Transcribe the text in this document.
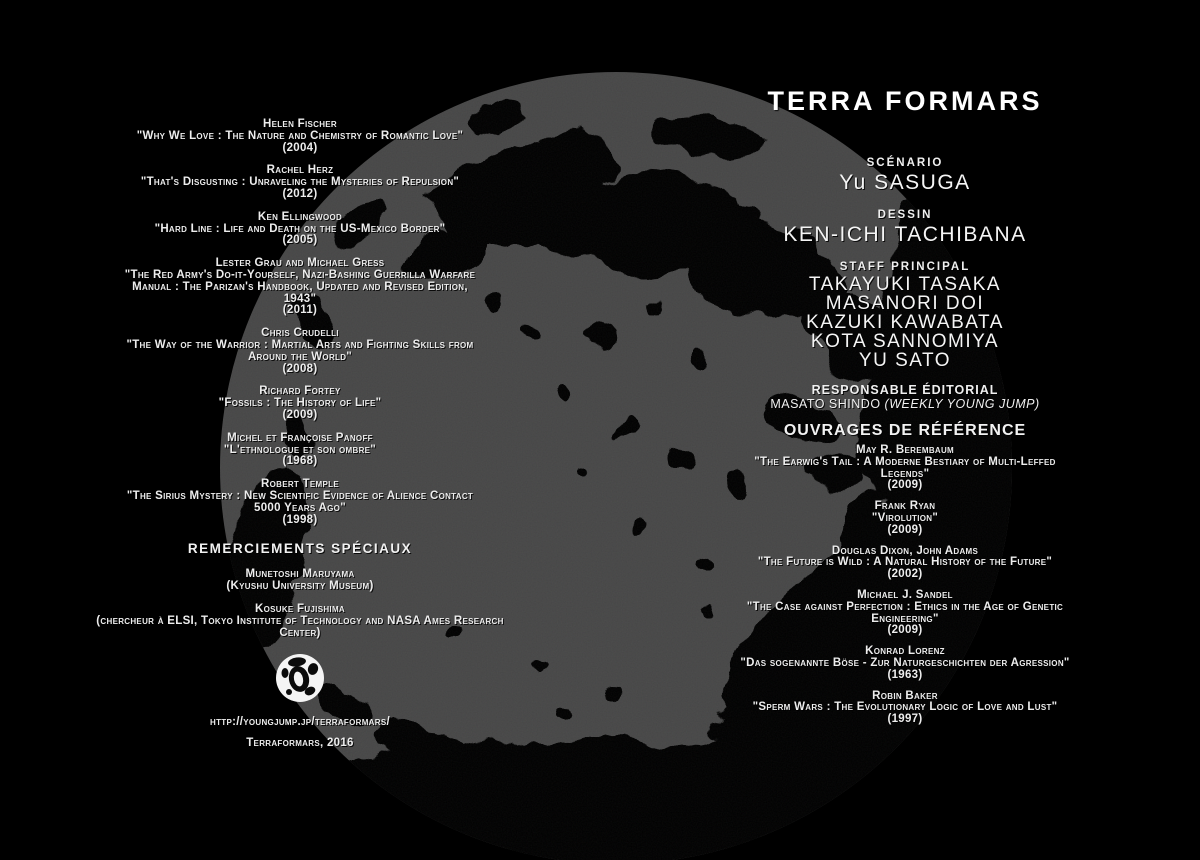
Helen Fischer
"Why We Love : The Nature and Chemistry of Romantic Love"
(2004)
Rachel Herz
"That's Disgusting : Unraveling the Mysteries of Repulsion"
(2012)
Ken Ellingwood
"Hard Line : Life and Death on the US-Mexico Border"
(2005)
Lester Grau and Michael Gress
"The Red Army's Do-it-Yourself, Nazi-Bashing Guerrilla Warfare Manual : The Parizan's Handbook, Updated and Revised Edition, 1943"
(2011)
Chris Crudelli
"The Way of the Warrior : Martial Arts and Fighting Skills from Around the World"
(2008)
Richard Fortey
"Fossils : The History of Life"
(2009)
Michel et Françoise Panoff
"L'ethnologue et son ombre"
(1968)
Robert Temple
"The Sirius Mystery : New Scientific Evidence of Alience Contact 5000 Years Ago"
(1998)
REMERCIEMENTS SPÉCIAUX
Munetoshi Maruyama
(Kyushu University Museum)
Kosuke Fujishima
(chercheur à ELSI, Tokyo Institute of Technology and NASA Ames Research Center)
http://youngjump.jp/terraformars/
Terraformars, 2016
TERRA FORMARS
SCÉNARIO
Yu SASUGA
DESSIN
KEN-ICHI TACHIBANA
STAFF PRINCIPAL
TAKAYUKI TASAKA
MASANORI DOI
KAZUKI KAWABATA
KOTA SANNOMIYA
YU SATO
RESPONSABLE ÉDITORIAL
MASATO SHINDO (WEEKLY YOUNG JUMP)
OUVRAGES DE RÉFÉRENCE
May R. Berembaum
"The Earwig's Tail : A Moderne Bestiary of Multi-Leffed Legends"
(2009)
Frank Ryan
"Virolution"
(2009)
Douglas Dixon, John Adams
"The Future is Wild : A Natural History of the Future"
(2002)
Michael J. Sandel
"The Case against Perfection : Ethics in the Age of Genetic Engineering"
(2009)
Konrad Lorenz
"Das sogenannte Böse - Zur Naturgeschichten der Agression"
(1963)
Robin Baker
"Sperm Wars : The Evolutionary Logic of Love and Lust"
(1997)
